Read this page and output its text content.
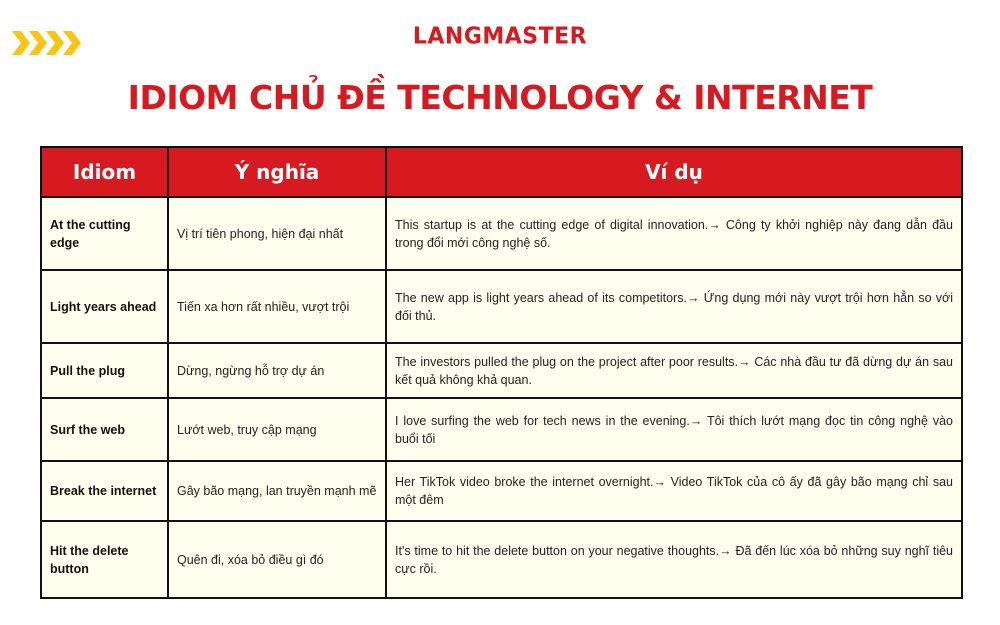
LANGMASTER
IDIOM CHỦ ĐỀ TECHNOLOGY & INTERNET
Idiom	Ý nghĩa	Ví dụ
At the cutting edge	Vị trí tiên phong, hiện đại nhất	This startup is at the cutting edge of digital innovation.→ Công ty khởi nghiệp này đang dẫn đầu trong đổi mới công nghệ số.
Light years ahead	Tiến xa hơn rất nhiều, vượt trội	The new app is light years ahead of its competitors.→ Ứng dụng mới này vượt trội hơn hẳn so với đối thủ.
Pull the plug	Dừng, ngừng hỗ trợ dự án	The investors pulled the plug on the project after poor results.→ Các nhà đầu tư đã dừng dự án sau kết quả không khả quan.
Surf the web	Lướt web, truy cập mạng	I love surfing the web for tech news in the evening.→ Tôi thích lướt mạng đọc tin công nghệ vào buổi tối
Break the internet	Gây bão mạng, lan truyền mạnh mẽ	Her TikTok video broke the internet overnight.→ Video TikTok của cô ấy đã gây bão mạng chỉ sau một đêm
Hit the delete button	Quên đi, xóa bỏ điều gì đó	It's time to hit the delete button on your negative thoughts.→ Đã đến lúc xóa bỏ những suy nghĩ tiêu cực rồi.
